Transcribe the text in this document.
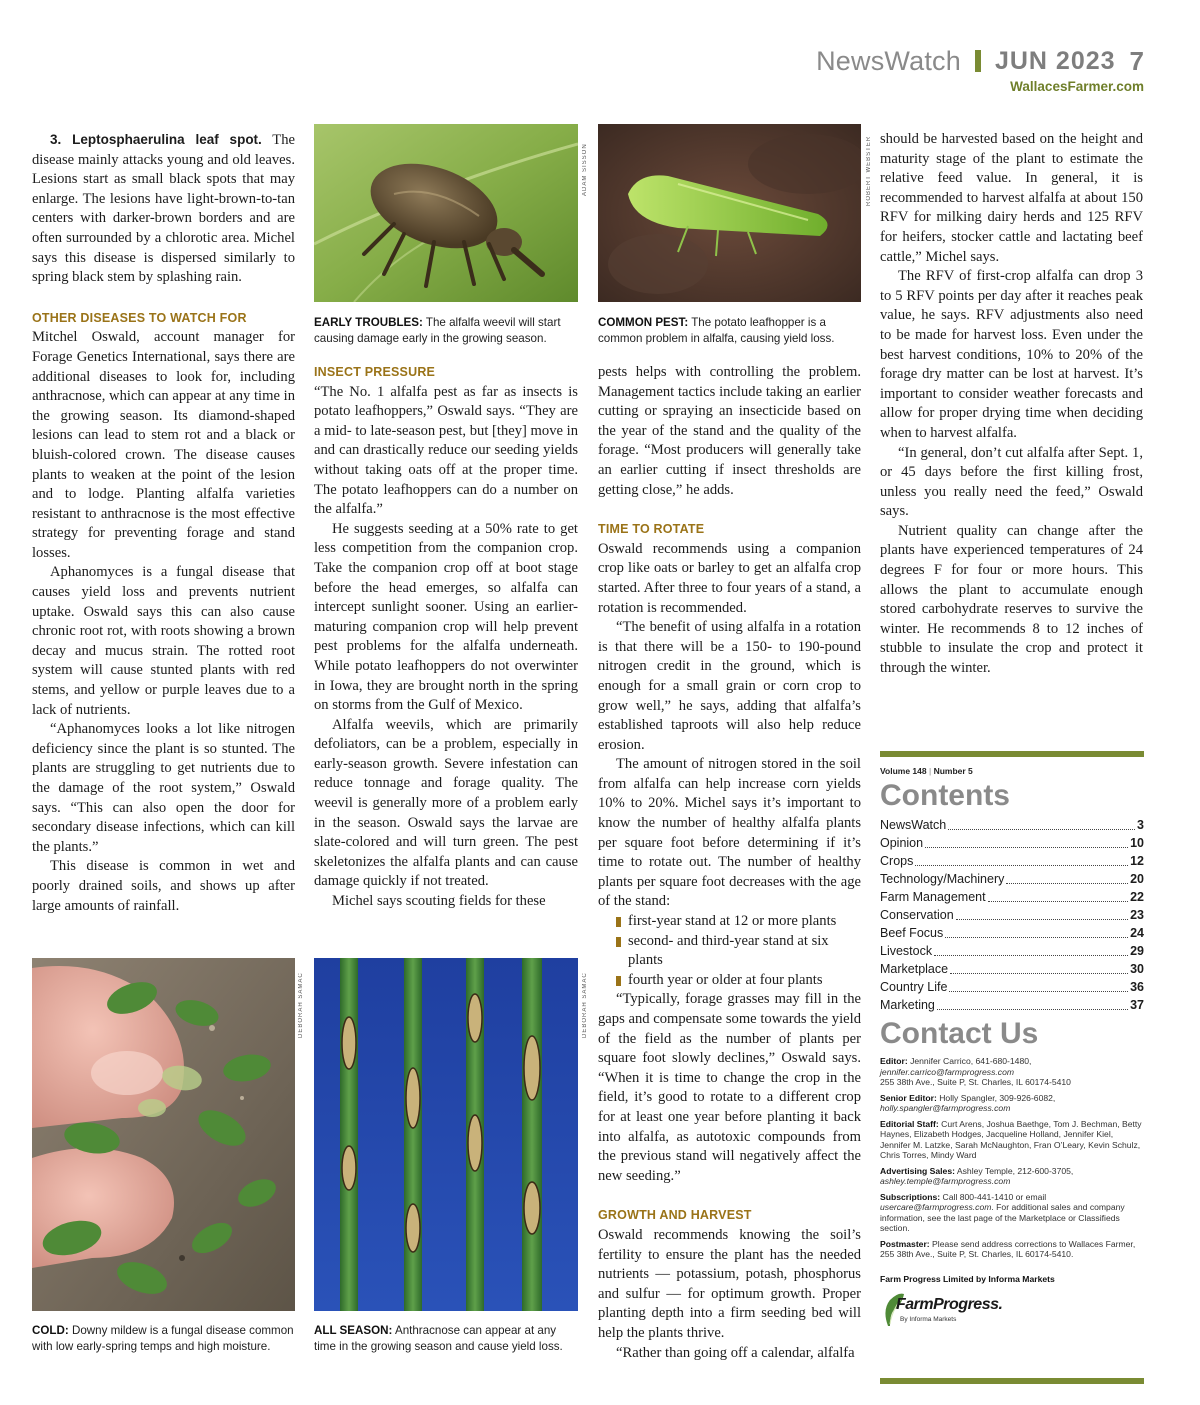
NewsWatch JUN 2023 7
WallacesFarmer.com

3. Leptosphaerulina leaf spot. The disease mainly attacks young and old leaves. Lesions start as small black spots that may enlarge. The lesions have light-brown-to-tan centers with darker-brown borders and are often surrounded by a chlorotic area. Michel says this disease is dispersed similarly to spring black stem by splashing rain.

OTHER DISEASES TO WATCH FOR

Mitchel Oswald, account manager for Forage Genetics International, says there are additional diseases to look for, including anthracnose, which can appear at any time in the growing season. Its diamond-shaped lesions can lead to stem rot and a black or bluish-colored crown. The disease causes plants to weaken at the point of the lesion and to lodge. Planting alfalfa varieties resistant to anthracnose is the most effective strategy for preventing forage and stand losses.

Aphanomyces is a fungal disease that causes yield loss and prevents nutrient uptake. Oswald says this can also cause chronic root rot, with roots showing a brown decay and mucus strain. The rotted root system will cause stunted plants with red stems, and yellow or purple leaves due to a lack of nutrients.

“Aphanomyces looks a lot like nitrogen deficiency since the plant is so stunted. The plants are struggling to get nutrients due to the damage of the root system,” Oswald says. “This can also open the door for secondary disease infections, which can kill the plants.”

This disease is common in wet and poorly drained soils, and shows up after large amounts of rainfall.

ADAM SISSON
EARLY TROUBLES: The alfalfa weevil will start causing damage early in the growing season.
ROBERT WEBSTER
COMMON PEST: The potato leafhopper is a common problem in alfalfa, causing yield loss.

INSECT PRESSURE

“The No. 1 alfalfa pest as far as insects is potato leafhoppers,” Oswald says. “They are a mid- to late-season pest, but [they] move in and can drastically reduce our seeding yields without taking oats off at the proper time. The potato leafhoppers can do a number on the alfalfa.”

He suggests seeding at a 50% rate to get less competition from the companion crop. Take the companion crop off at boot stage before the head emerges, so alfalfa can intercept sunlight sooner. Using an earlier-maturing companion crop will help prevent pest problems for the alfalfa underneath. While potato leafhoppers do not overwinter in Iowa, they are brought north in the spring on storms from the Gulf of Mexico.

Alfalfa weevils, which are primarily defoliators, can be a problem, especially in early-season growth. Severe infestation can reduce tonnage and forage quality. The weevil is generally more of a problem early in the season. Oswald says the larvae are slate-colored and will turn green. The pest skeletonizes the alfalfa plants and can cause damage quickly if not treated.

Michel says scouting fields for these

pests helps with controlling the problem. Management tactics include taking an earlier cutting or spraying an insecticide based on the year of the stand and the quality of the forage. “Most producers will generally take an earlier cutting if insect thresholds are getting close,” he adds.

TIME TO ROTATE

Oswald recommends using a companion crop like oats or barley to get an alfalfa crop started. After three to four years of a stand, a rotation is recommended.

“The benefit of using alfalfa in a rotation is that there will be a 150- to 190-pound nitrogen credit in the ground, which is enough for a small grain or corn crop to grow well,” he says, adding that alfalfa’s established taproots will also help reduce erosion.

The amount of nitrogen stored in the soil from alfalfa can help increase corn yields 10% to 20%. Michel says it’s important to know the number of healthy alfalfa plants per square foot before determining if it’s time to rotate out. The number of healthy plants per square foot decreases with the age of the stand:

first-year stand at 12 or more plants
second- and third-year stand at six plants
fourth year or older at four plants

“Typically, forage grasses may fill in the gaps and compensate some towards the yield of the field as the number of plants per square foot slowly declines,” Oswald says. “When it is time to change the crop in the field, it’s good to rotate to a different crop for at least one year before planting it back into alfalfa, as autotoxic compounds from the previous stand will negatively affect the new seeding.”

GROWTH AND HARVEST

Oswald recommends knowing the soil’s fertility to ensure the plant has the needed nutrients — potassium, potash, phosphorus and sulfur — for optimum growth. Proper planting depth into a firm seeding bed will help the plants thrive.

“Rather than going off a calendar, alfalfa

should be harvested based on the height and maturity stage of the plant to estimate the relative feed value. In general, it is recommended to harvest alfalfa at about 150 RFV for milking dairy herds and 125 RFV for heifers, stocker cattle and lactating beef cattle,” Michel says.

The RFV of first-crop alfalfa can drop 3 to 5 RFV points per day after it reaches peak value, he says. RFV adjustments also need to be made for harvest loss. Even under the best harvest conditions, 10% to 20% of the forage dry matter can be lost at harvest. It’s important to consider weather forecasts and allow for proper drying time when deciding when to harvest alfalfa.

“In general, don’t cut alfalfa after Sept. 1, or 45 days before the first killing frost, unless you really need the feed,” Oswald says.

Nutrient quality can change after the plants have experienced temperatures of 24 degrees F for four or more hours. This allows the plant to accumulate enough stored carbohydrate reserves to survive the winter. He recommends 8 to 12 inches of stubble to insulate the crop and protect it through the winter.

DEBORAH SAMAC
COLD: Downy mildew is a fungal disease common with low early-spring temps and high moisture.
DEBORAH SAMAC
ALL SEASON: Anthracnose can appear at any time in the growing season and cause yield loss.
Volume 148 | Number 5
Contents
NewsWatch	3
Opinion	10
Crops	12
Technology/Machinery	20
Farm Management	22
Conservation	23
Beef Focus	24
Livestock	29
Marketplace	30
Country Life	36
Marketing	37
Contact Us

Editor: Jennifer Carrico, 641-680-1480, jennifer.carrico@farmprogress.com
255 38th Ave., Suite P, St. Charles, IL 60174-5410

Senior Editor: Holly Spangler, 309-926-6082,
holly.spangler@farmprogress.com

Editorial Staff: Curt Arens, Joshua Baethge, Tom J. Bechman, Betty Haynes, Elizabeth Hodges, Jacqueline Holland, Jennifer Kiel, Jennifer M. Latzke, Sarah McNaughton, Fran O’Leary, Kevin Schulz, Chris Torres, Mindy Ward

Advertising Sales: Ashley Temple, 212-600-3705,
ashley.temple@farmprogress.com

Subscriptions: Call 800-441-1410 or email usercare@farmprogress.com. For additional sales and company information, see the last page of the Marketplace or Classifieds section.

Postmaster: Please send address corrections to Wallaces Farmer, 255 38th Ave., Suite P, St. Charles, IL 60174-5410.

Farm Progress Limited by Informa Markets
FarmProgress.
By Informa Markets
